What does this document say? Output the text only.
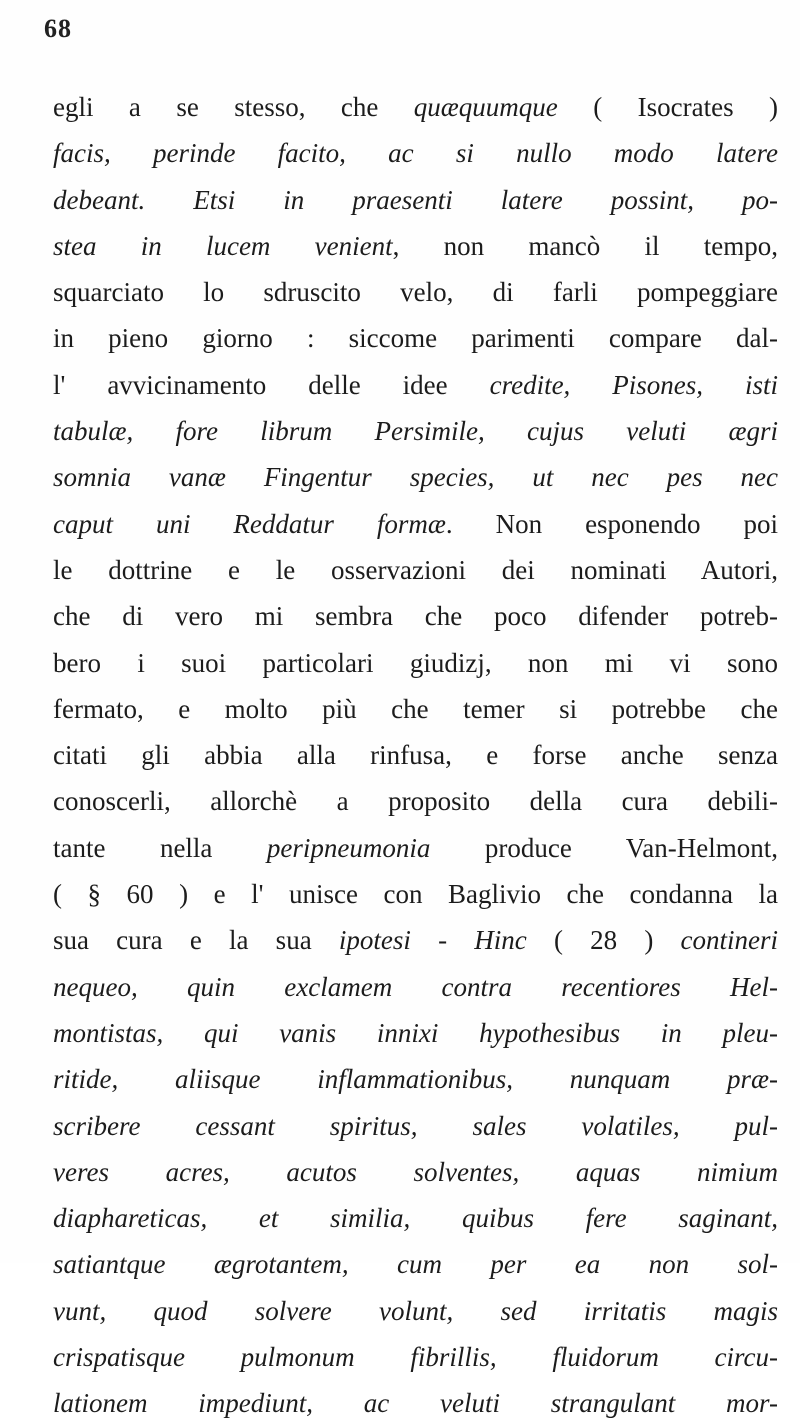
68
egli a se stesso, che quæquumque ( Isocrates )
facis, perinde facito, ac si nullo modo latere
debeant. Etsi in praesenti latere possint, po-
stea in lucem venient, non mancò il tempo,
squarciato lo sdruscito velo, di farli pompeggiare
in pieno giorno : siccome parimenti compare dal-
l' avvicinamento delle idee credite, Pisones, isti
tabulæ, fore librum Persimile, cujus veluti ægri
somnia vanæ Fingentur species, ut nec pes nec
caput uni Reddatur formæ. Non esponendo poi
le dottrine e le osservazioni dei nominati Autori,
che di vero mi sembra che poco difender potreb-
bero i suoi particolari giudizj, non mi vi sono
fermato, e molto più che temer si potrebbe che
citati gli abbia alla rinfusa, e forse anche senza
conoscerli, allorchè a proposito della cura debili-
tante nella peripneumonia produce Van-Helmont,
( § 60 ) e l' unisce con Baglivio che condanna la
sua cura e la sua ipotesi - Hinc ( 28 ) contineri
nequeo, quin exclamem contra recentiores Hel-
montistas, qui vanis innixi hypothesibus in pleu-
ritide, aliisque inflammationibus, nunquam præ-
scribere cessant spiritus, sales volatiles, pul-
veres acres, acutos solventes, aquas nimium
diaphareticas, et similia, quibus fere saginant,
satiantque ægrotantem, cum per ea non sol-
vunt, quod solvere volunt, sed irritatis magis
crispatisque pulmonum fibrillis, fluidorum circu-
lationem impediunt, ac veluti strangulant mor-
